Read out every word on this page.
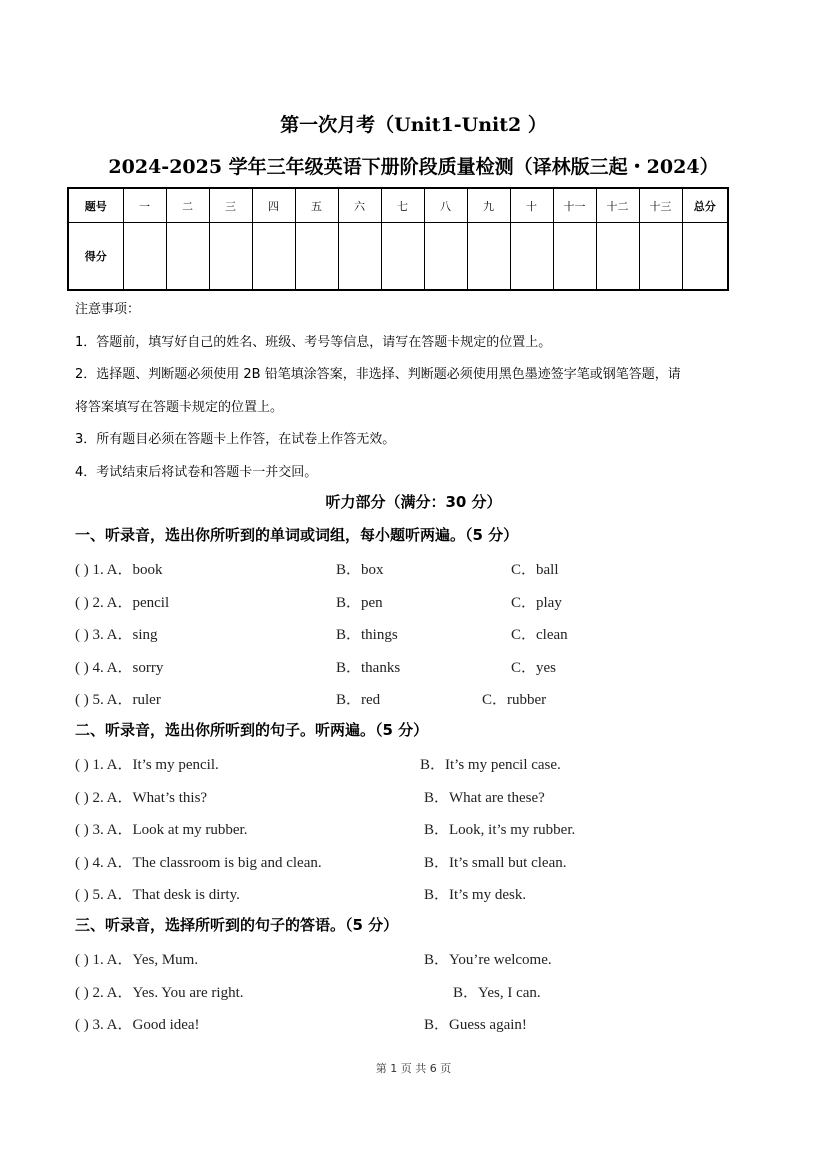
第一次月考（Unit1-Unit2 ）
2024-2025 学年三年级英语下册阶段质量检测（译林版三起・2024）
题号	一	二	三	四	五	六	七	八	九	十	十一	十二	十三	总分
得分														
注意事项：
1．答题前，填写好自己的姓名、班级、考号等信息，请写在答题卡规定的位置上。
2．选择题、判断题必须使用 2B 铅笔填涂答案，非选择、判断题必须使用黑色墨迹签字笔或钢笔答题，请
将答案填写在答题卡规定的位置上。
3．所有题目必须在答题卡上作答，在试卷上作答无效。
4．考试结束后将试卷和答题卡一并交回。
听力部分（满分：30 分）
一、听录音，选出你所听到的单词或词组，每小题听两遍。（5 分）
( ) 1. A．book	B．box	C．ball
( ) 2. A．pencil	B．pen	C．play
( ) 3. A．sing	B．things	C．clean
( ) 4. A．sorry	B．thanks	C．yes
( ) 5. A．ruler	B．red	C．rubber
二、听录音，选出你所听到的句子。听两遍。（5 分）
( ) 1. A．It’s my pencil.	B．It’s my pencil case.
( ) 2. A．What’s this?	B．What are these?
( ) 3. A．Look at my rubber.	B．Look, it’s my rubber.
( ) 4. A．The classroom is big and clean.	B．It’s small but clean.
( ) 5. A．That desk is dirty.	B．It’s my desk.
三、听录音，选择所听到的句子的答语。（5 分）
( ) 1. A．Yes, Mum.	B．You’re welcome.
( ) 2. A．Yes. You are right.	B．Yes, I can.
( ) 3. A．Good idea!	B．Guess again!
第 1 页 共 6 页
